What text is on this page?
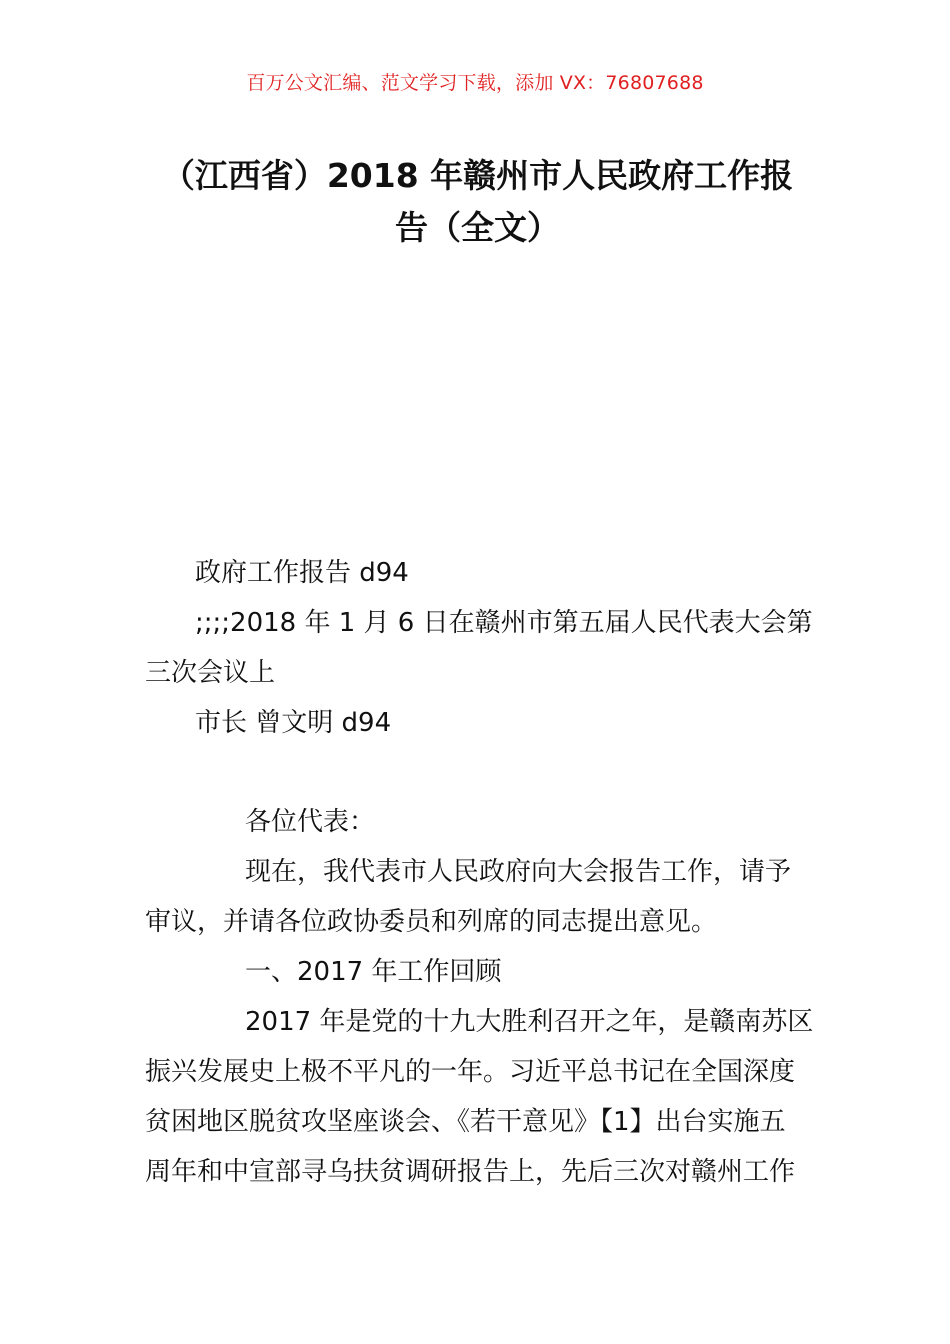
百万公文汇编、范文学习下载，添加 VX：76807688
（江西省）2018 年赣州市人民政府工作报
告（全文）
政府工作报告 d94
;;;;2018 年 1 月 6 日在赣州市第五届人民代表大会第
三次会议上
市长 曾文明 d94
各位代表：
现在，我代表市人民政府向大会报告工作，请予
审议，并请各位政协委员和列席的同志提出意见。
一、2017 年工作回顾
2017 年是党的十九大胜利召开之年，是赣南苏区
振兴发展史上极不平凡的一年。习近平总书记在全国深度
贫困地区脱贫攻坚座谈会、《若干意见》【1】出台实施五
周年和中宣部寻乌扶贫调研报告上，先后三次对赣州工作
